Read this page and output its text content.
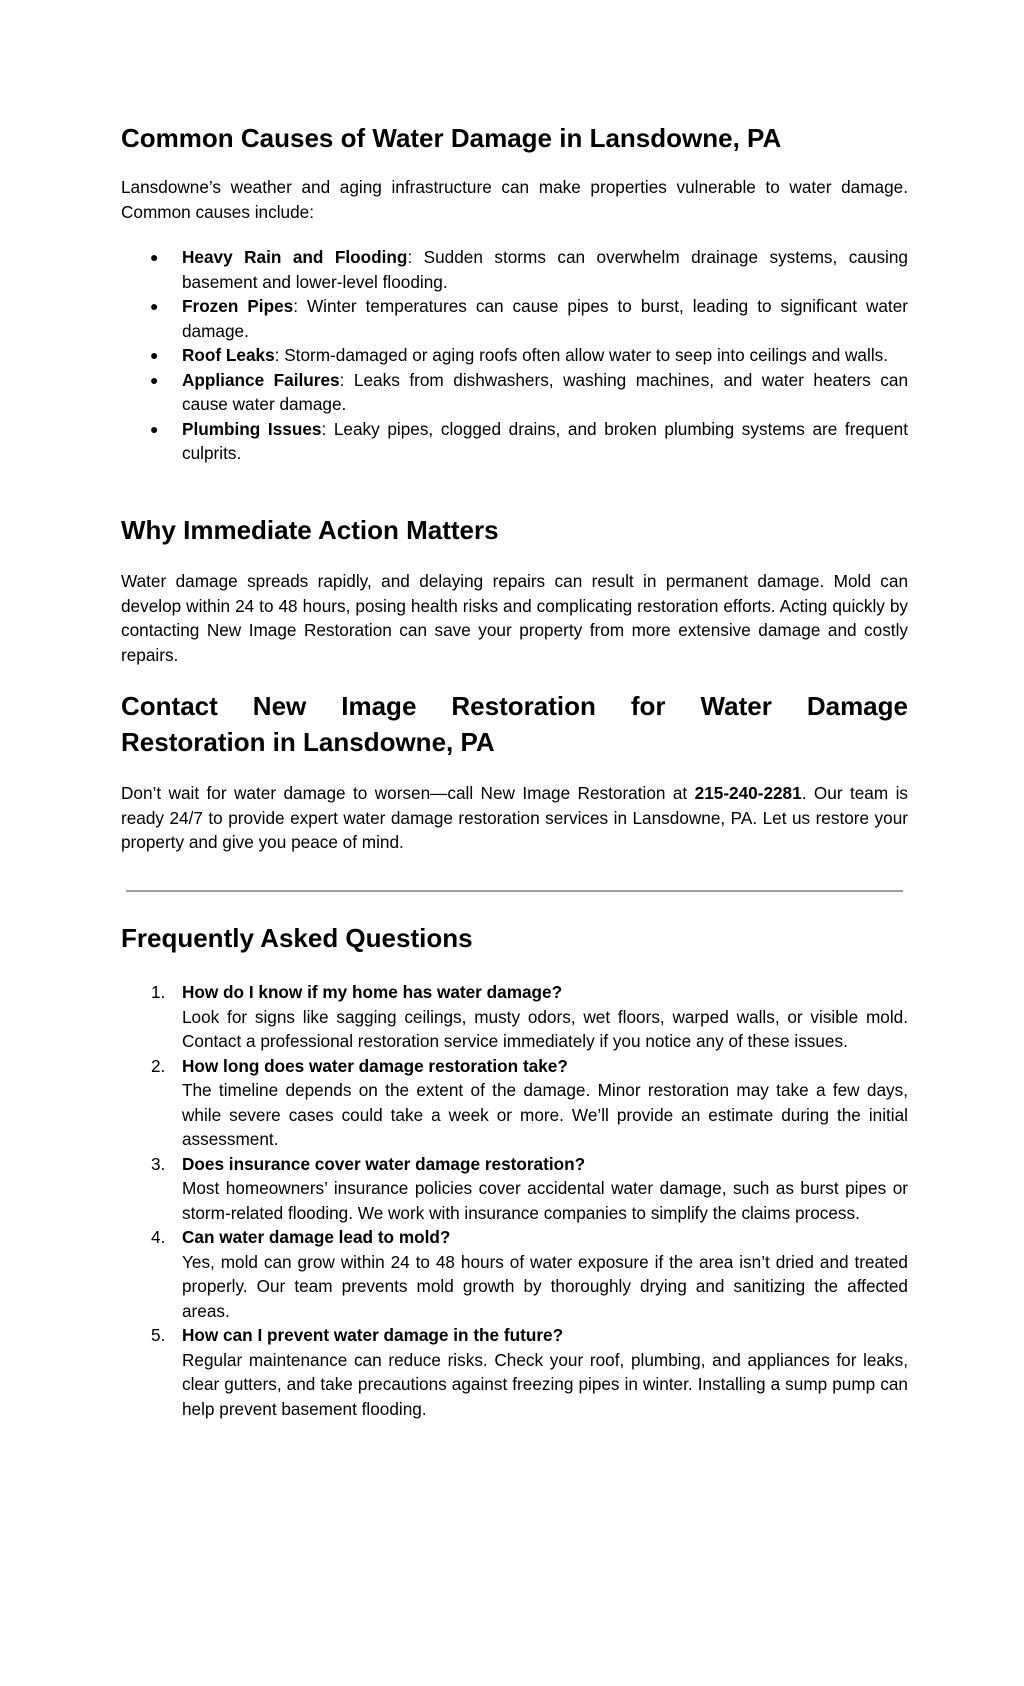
Common Causes of Water Damage in Lansdowne, PA

Lansdowne’s weather and aging infrastructure can make properties vulnerable to water damage. Common causes include:

● Heavy Rain and Flooding: Sudden storms can overwhelm drainage systems, causing basement and lower-level flooding.
● Frozen Pipes: Winter temperatures can cause pipes to burst, leading to significant water damage.
● Roof Leaks: Storm-damaged or aging roofs often allow water to seep into ceilings and walls.
● Appliance Failures: Leaks from dishwashers, washing machines, and water heaters can cause water damage.
● Plumbing Issues: Leaky pipes, clogged drains, and broken plumbing systems are frequent culprits.
Why Immediate Action Matters

Water damage spreads rapidly, and delaying repairs can result in permanent damage. Mold can develop within 24 to 48 hours, posing health risks and complicating restoration efforts. Acting quickly by contacting New Image Restoration can save your property from more extensive damage and costly repairs.

Contact New Image Restoration for Water Damage
Restoration in Lansdowne, PA

Don’t wait for water damage to worsen—call New Image Restoration at 215-240-2281. Our team is ready 24/7 to provide expert water damage restoration services in Lansdowne, PA. Let us restore your property and give you peace of mind.

Frequently Asked Questions
1. How do I know if my home has water damage?
Look for signs like sagging ceilings, musty odors, wet floors, warped walls, or visible mold. Contact a professional restoration service immediately if you notice any of these issues.
2. How long does water damage restoration take?
The timeline depends on the extent of the damage. Minor restoration may take a few days, while severe cases could take a week or more. We’ll provide an estimate during the initial assessment.
3. Does insurance cover water damage restoration?
Most homeowners’ insurance policies cover accidental water damage, such as burst pipes or storm-related flooding. We work with insurance companies to simplify the claims process.
4. Can water damage lead to mold?
Yes, mold can grow within 24 to 48 hours of water exposure if the area isn’t dried and treated properly. Our team prevents mold growth by thoroughly drying and sanitizing the affected areas.
5. How can I prevent water damage in the future?
Regular maintenance can reduce risks. Check your roof, plumbing, and appliances for leaks, clear gutters, and take precautions against freezing pipes in winter. Installing a sump pump can help prevent basement flooding.
